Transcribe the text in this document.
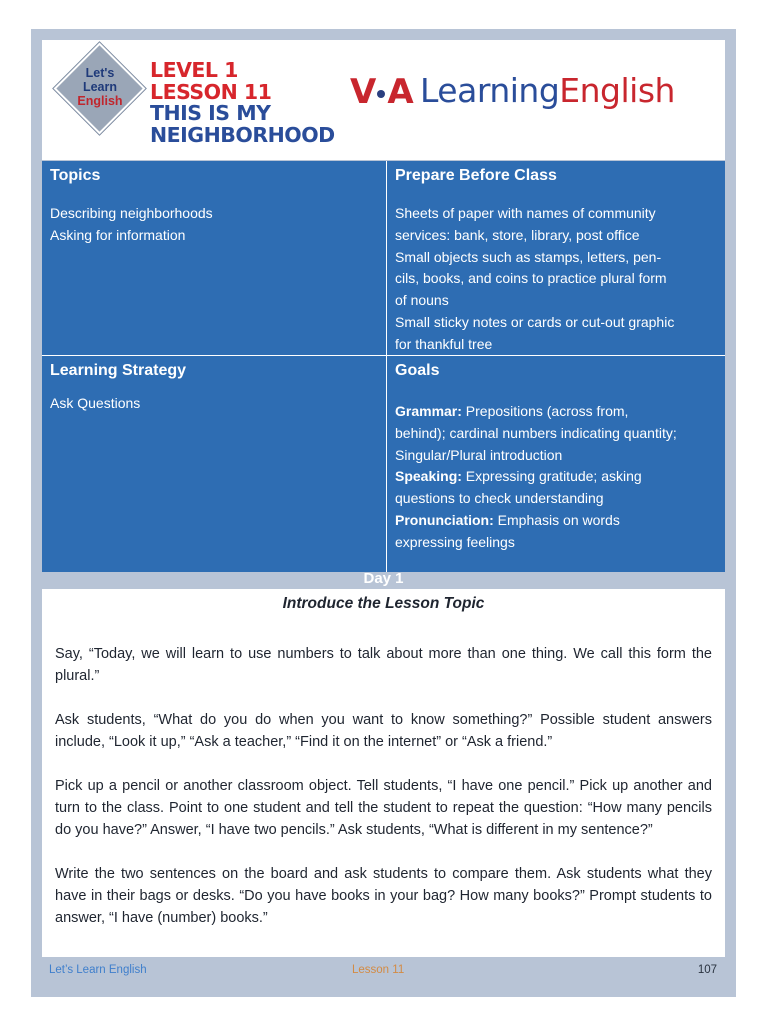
Let's
Learn
English
LEVEL 1
LESSON 11
THIS IS MY
NEIGHBORHOOD
V A LearningEnglish
Topics

Describing neighborhoods

Asking for information

Prepare Before Class

Sheets of paper with names of community

services: bank, store, library, post office

Small objects such as stamps, letters, pen-

cils, books, and coins to practice plural form

of nouns

Small sticky notes or cards or cut-out graphic

for thankful tree

Learning Strategy

Ask Questions

Goals

Grammar: Prepositions (across from,

behind); cardinal numbers indicating quantity;

Singular/Plural introduction

Speaking: Expressing gratitude; asking

questions to check understanding

Pronunciation: Emphasis on words

expressing feelings

Day 1
Introduce the Lesson Topic

Say, “Today, we will learn to use numbers to talk about more than one thing. We call this form the plural.”

Ask students, “What do you do when you want to know something?” Possible student answers include, “Look it up,” “Ask a teacher,” “Find it on the internet” or “Ask a friend.”

Pick up a pencil or another classroom object. Tell students, “I have one pencil.” Pick up another and turn to the class. Point to one student and tell the student to repeat the question: “How many pencils do you have?” Answer, “I have two pencils.” Ask students, “What is different in my sentence?”

Write the two sentences on the board and ask students to compare them. Ask students what they have in their bags or desks. “Do you have books in your bag? How many books?” Prompt students to answer, “I have (number) books.”

Let’s Learn English	Lesson 11	107
